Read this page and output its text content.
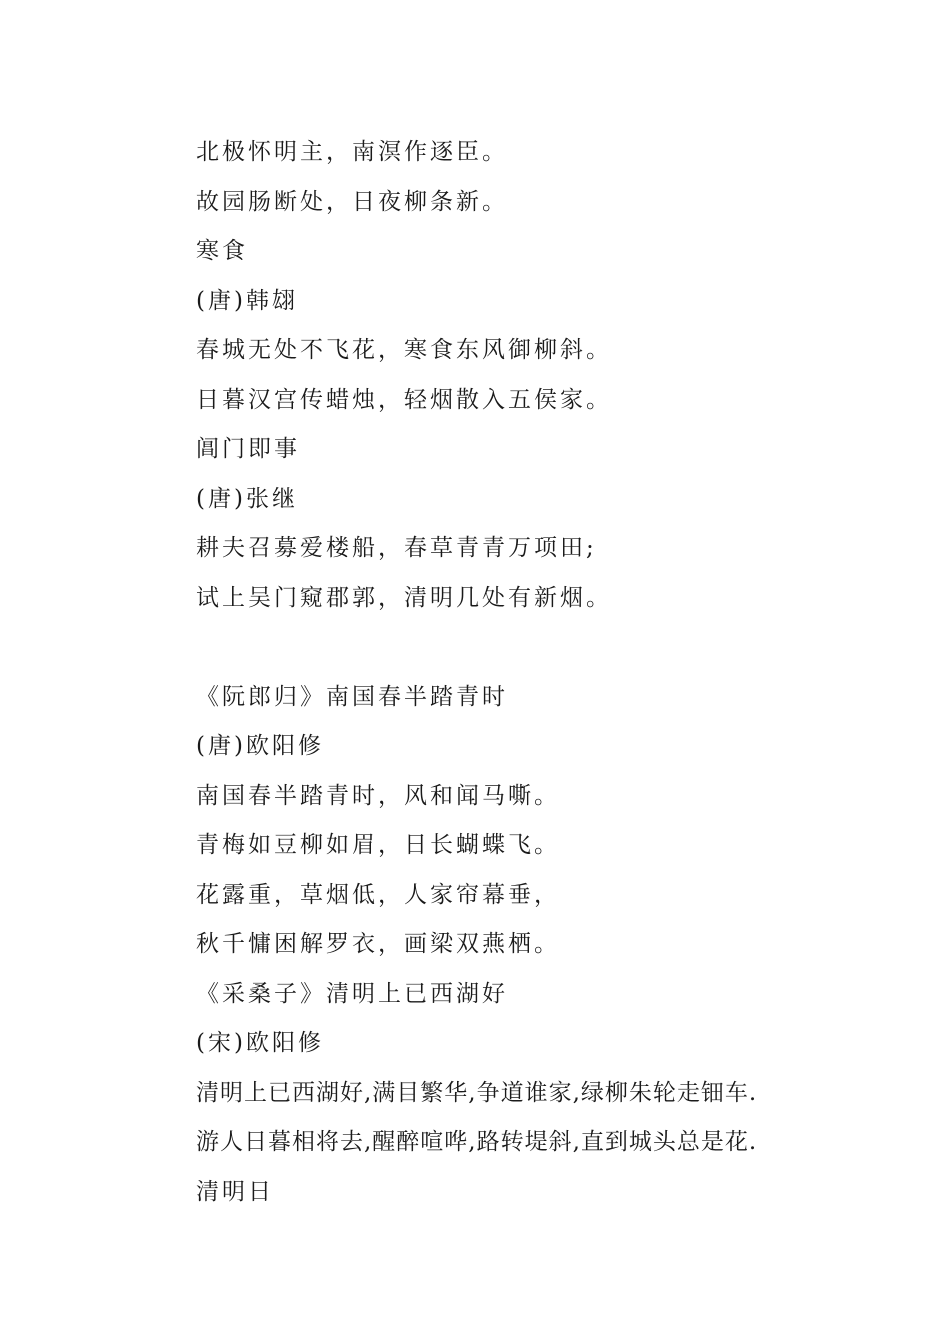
北极怀明主，南溟作逐臣。
故园肠断处，日夜柳条新。
寒食
(唐)韩翃
春城无处不飞花，寒食东风御柳斜。
日暮汉宫传蜡烛，轻烟散入五侯家。
阊门即事
(唐)张继
耕夫召募爱楼船，春草青青万项田;
试上吴门窥郡郭，清明几处有新烟。
《阮郎归》南国春半踏青时
(唐)欧阳修
南国春半踏青时，风和闻马嘶。
青梅如豆柳如眉，日长蝴蝶飞。
花露重，草烟低，人家帘幕垂，
秋千慵困解罗衣，画梁双燕栖。
《采桑子》清明上已西湖好
(宋)欧阳修
清明上已西湖好,满目繁华,争道谁家,绿柳朱轮走钿车.
游人日暮相将去,醒醉喧哗,路转堤斜,直到城头总是花.
清明日
